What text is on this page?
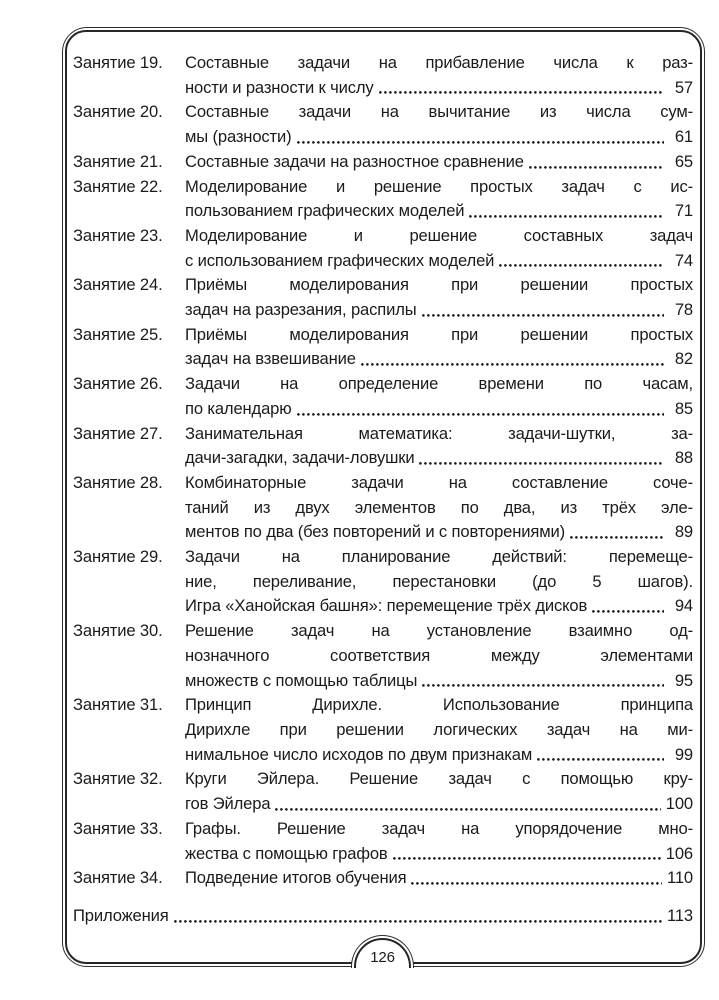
Занятие 19.	Составные задачи на прибавление числа к раз-
ности и разности к числу	57
Занятие 20.	Составные задачи на вычитание из числа сум-
мы (разности)	61
Занятие 21.	Составные задачи на разностное сравнение	65
Занятие 22.	Моделирование и решение простых задач с ис-
пользованием графических моделей	71
Занятие 23.	Моделирование и решение составных задач
с использованием графических моделей	74
Занятие 24.	Приёмы моделирования при решении простых
задач на разрезания, распилы	78
Занятие 25.	Приёмы моделирования при решении простых
задач на взвешивание	82
Занятие 26.	Задачи на определение времени по часам,
по календарю	85
Занятие 27.	Занимательная математика: задачи-шутки, за-
дачи-загадки, задачи-ловушки	88
Занятие 28.	Комбинаторные задачи на составление соче-
таний из двух элементов по два, из трёх эле-
ментов по два (без повторений и с повторениями)	89
Занятие 29.	Задачи на планирование действий: перемеще-
ние, переливание, перестановки (до 5 шагов).
Игра «Ханойская башня»: перемещение трёх дисков	94
Занятие 30.	Решение задач на установление взаимно од-
нозначного соответствия между элементами
множеств с помощью таблицы	95
Занятие 31.	Принцип Дирихле. Использование принципа
Дирихле при решении логических задач на ми-
нимальное число исходов по двум признакам	99
Занятие 32.	Круги Эйлера. Решение задач с помощью кру-
гов Эйлера	100
Занятие 33.	Графы. Решение задач на упорядочение мно-
жества с помощью графов	106
Занятие 34.	Подведение итогов обучения	110
Приложения	113
126
